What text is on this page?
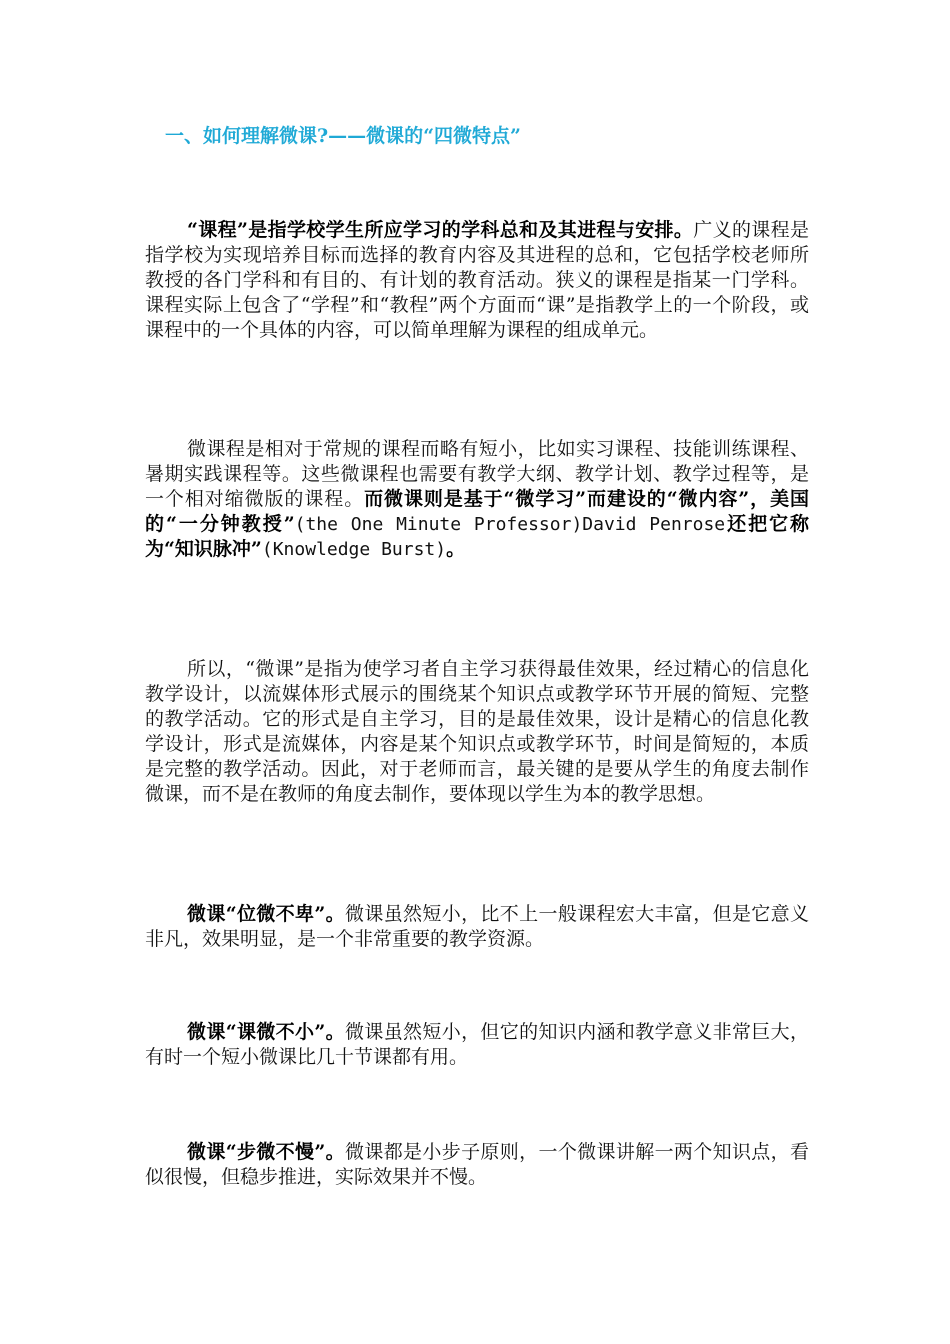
一、如何理解微课?——微课的“四微特点”

“课程”是指学校学生所应学习的学科总和及其进程与安排。广义的课程是指学校为实现培养目标而选择的教育内容及其进程的总和，它包括学校老师所教授的各门学科和有目的、有计划的教育活动。狭义的课程是指某一门学科。课程实际上包含了“学程”和“教程”两个方面而“课”是指教学上的一个阶段，或课程中的一个具体的内容，可以简单理解为课程的组成单元。

微课程是相对于常规的课程而略有短小，比如实习课程、技能训练课程、暑期实践课程等。这些微课程也需要有教学大纲、教学计划、教学过程等，是一个相对缩微版的课程。而微课则是基于“微学习”而建设的“微内容”，美国的“一分钟教授”(the One Minute Professor)David Penrose还把它称为“知识脉冲”(Knowledge Burst)。

所以，“微课”是指为使学习者自主学习获得最佳效果，经过精心的信息化教学设计，以流媒体形式展示的围绕某个知识点或教学环节开展的简短、完整的教学活动。它的形式是自主学习，目的是最佳效果，设计是精心的信息化教学设计，形式是流媒体，内容是某个知识点或教学环节，时间是简短的，本质是完整的教学活动。因此，对于老师而言，最关键的是要从学生的角度去制作微课，而不是在教师的角度去制作，要体现以学生为本的教学思想。

微课“位微不卑”。微课虽然短小，比不上一般课程宏大丰富，但是它意义非凡，效果明显，是一个非常重要的教学资源。

微课“课微不小”。微课虽然短小，但它的知识内涵和教学意义非常巨大，有时一个短小微课比几十节课都有用。

微课“步微不慢”。微课都是小步子原则，一个微课讲解一两个知识点，看似很慢，但稳步推进，实际效果并不慢。
